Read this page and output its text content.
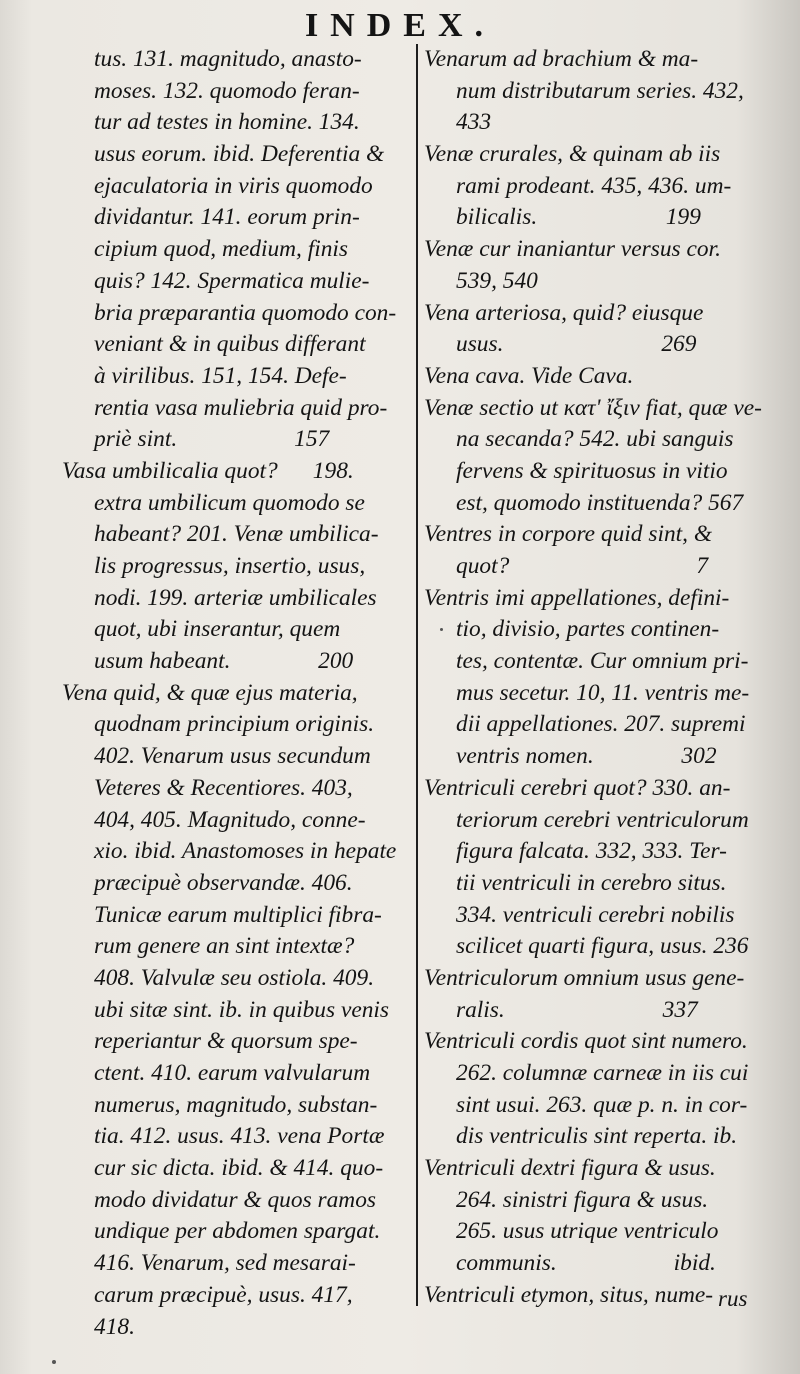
INDEX.
tus. 131. magnitudo, anasto-
moses. 132. quomodo feran-
tur ad testes in homine. 134.
usus eorum. ibid. Deferentia &
ejaculatoria in viris quomodo
dividantur. 141. eorum prin-
cipium quod, medium, finis
quis? 142. Spermatica mulie-
bria præparantia quomodo con-
veniant & in quibus differant
à virilibus. 151, 154. Defe-
rentia vasa muliebria quid pro-
priè sint.                    157
Vasa umbilicalia quot?      198.
extra umbilicum quomodo se
habeant? 201. Venæ umbilica-
lis progressus, insertio, usus,
nodi. 199. arteriæ umbilicales
quot, ubi inserantur, quem
usum habeant.               200
Vena quid, & quæ ejus materia,
quodnam principium originis.
402. Venarum usus secundum
Veteres & Recentiores. 403,
404, 405. Magnitudo, conne-
xio. ibid. Anastomoses in hepate
præcipuè observandæ. 406.
Tunicæ earum multiplici fibra-
rum genere an sint intextæ?
408. Valvulæ seu ostiola. 409.
ubi sitæ sint. ib. in quibus venis
reperiantur & quorsum spe-
ctent. 410. earum valvularum
numerus, magnitudo, substan-
tia. 412. usus. 413. vena Portæ
cur sic dicta. ibid. & 414. quo-
modo dividatur & quos ramos
undique per abdomen spargat.
416. Venarum, sed mesarai-
carum præcipuè, usus. 417,
418.
Venarum ad brachium & ma-
num distributarum series. 432,
433
Venæ crurales, & quinam ab iis
rami prodeant. 435, 436. um-
bilicalis.                      199
Venæ cur inaniantur versus cor.
539, 540
Vena arteriosa, quid? eiusque
usus.                           269
Vena cava. Vide Cava.
Venæ sectio ut κατ' ἴξιν fiat, quæ ve-
na secanda? 542. ubi sanguis
fervens & spirituosus in vitio
est, quomodo instituenda? 567
Ventres in corpore quid sint, &
quot?                                7
Ventris imi appellationes, defini-
tio, divisio, partes continen-
tes, contentæ. Cur omnium pri-
mus secetur. 10, 11. ventris me-
dii appellationes. 207. supremi
ventris nomen.               302
Ventriculi cerebri quot? 330. an-
teriorum cerebri ventriculorum
figura falcata. 332, 333. Ter-
tii ventriculi in cerebro situs.
334. ventriculi cerebri nobilis
scilicet quarti figura, usus. 236
Ventriculorum omnium usus gene-
ralis.                           337
Ventriculi cordis quot sint numero.
262. columnæ carneæ in iis cui
sint usui. 263. quæ p. n. in cor-
dis ventriculis sint reperta. ib.
Ventriculi dextri figura & usus.
264. sinistri figura & usus.
265. usus utrique ventriculo
communis.                    ibid.
Ventriculi etymon, situs, nume- rus
